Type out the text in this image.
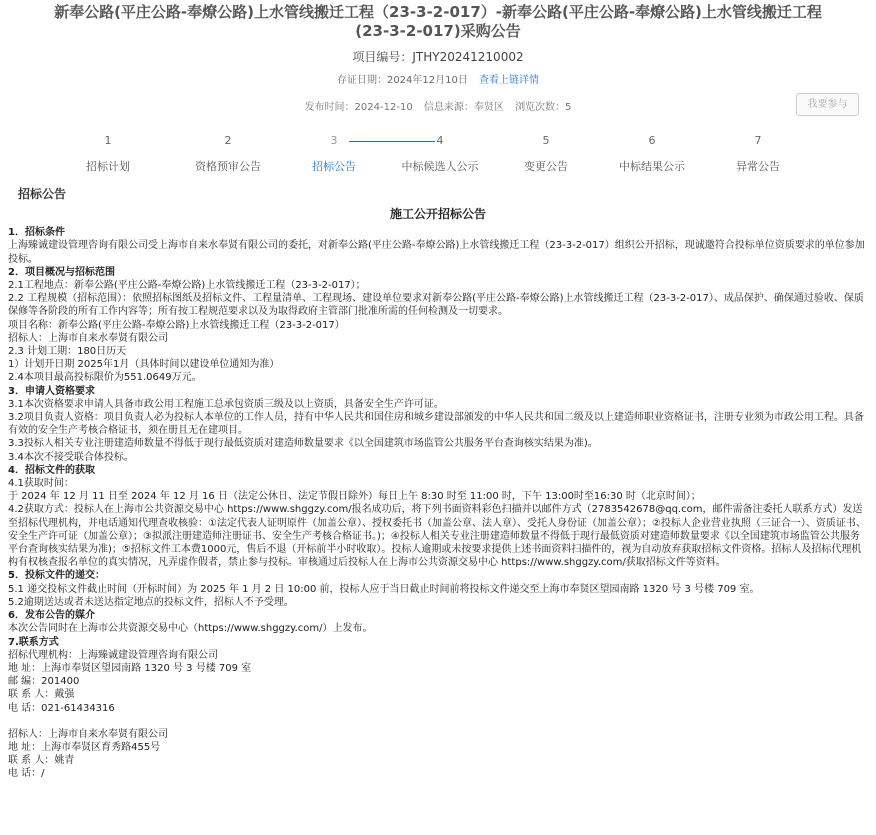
新奉公路(平庄公路-奉燎公路)上水管线搬迁工程（23-3-2-017）-新奉公路(平庄公路-奉燎公路)上水管线搬迁工程
(23-3-2-017)采购公告
项目编号：JTHY20241210002
存证日期：2024年12月10日 查看上链详情
发布时间：2024-12-10 信息来源：奉贤区 浏览次数：5	我要参与
1
招标计划
2
资格预审公告
3
招标公告
4
中标候选人公示
5
变更公告
6
中标结果公示
7
异常公告
招标公告
施工公开招标公告

1．招标条件

上海臻诚建设管理咨询有限公司受上海市自来水奉贤有限公司的委托，对新奉公路(平庄公路-奉燎公路)上水管线搬迁工程（23-3-2-017）组织公开招标，现诚邀符合投标单位资质要求的单位参加投标。

2．项目概况与招标范围

2.1工程地点：新奉公路(平庄公路-奉燎公路)上水管线搬迁工程（23-3-2-017）；

2.2 工程规模（招标范围）：依照招标图纸及招标文件、工程量清单、工程现场、建设单位要求对新奉公路(平庄公路-奉燎公路)上水管线搬迁工程（23-3-2-017）、成品保护、确保通过验收、保质保修等各阶段的所有工作内容等；所有按工程规范要求以及为取得政府主管部门批准所需的任何检测及一切要求。

项目名称：新奉公路(平庄公路-奉燎公路)上水管线搬迁工程（23-3-2-017）

招标人：上海市自来水奉贤有限公司

2.3 计划工期：180日历天

1）计划开日期 2025年1月（具体时间以建设单位通知为准）

2.4本项目最高投标限价为551.0649万元。

3．申请人资格要求

3.1本次资格要求申请人具备市政公用工程施工总承包资质三级及以上资质，具备安全生产许可证。

3.2项目负责人资格：项目负责人必为投标人本单位的工作人员，持有中华人民共和国住房和城乡建设部颁发的中华人民共和国二级及以上建造师职业资格证书，注册专业须为市政公用工程。具备有效的安全生产考核合格证书，须在册且无在建项目。

3.3投标人相关专业注册建造师数量不得低于现行最低资质对建造师数量要求《以全国建筑市场监管公共服务平台查询核实结果为准)。

3.4本次不接受联合体投标。

4．招标文件的获取

4.1获取时间：

于 2024 年 12 月 11 日至 2024 年 12 月 16 日（法定公休日、法定节假日除外）每日上午 8:30 时至 11:00 时，下午 13:00时至16:30 时（北京时间）；

4.2获取方式：投标人在上海市公共资源交易中心 https://www.shggzy.com/报名成功后，将下列书面资料彩色扫描并以邮件方式（2783542678@qq.com，邮件需备注委托人联系方式）发送至招标代理机构，并电话通知代理查收核验：①法定代表人证明原件（加盖公章）、授权委托书（加盖公章、法人章）、受托人身份证（加盖公章）；②投标人企业营业执照（三证合一）、资质证书、安全生产许可证（加盖公章）；③拟派注册建造师注册证书、安全生产考核合格证书。)；④投标人相关专业注册建造师数量不得低于现行最低资质对建造师数量要求《以全国建筑市场监管公共服务平台查询核实结果为准)；⑤招标文件工本费1000元，售后不退（开标前半小时收取）。投标人逾期或未按要求提供上述书面资料扫描件的，视为自动放弃获取招标文件资格。招标人及招标代理机构有权核查报名单位的真实情况，凡弄虚作假者，禁止参与投标。审核通过后投标人在上海市公共资源交易中心 https://www.shggzy.com/获取招标文件等资料。

5．投标文件的递交：

5.1 递交投标文件截止时间（开标时间）为 2025 年 1 月 2 日 10:00 前，投标人应于当日截止时间前将投标文件递交至上海市奉贤区望园南路 1320 号 3 号楼 709 室。

5.2逾期送达或者未送达指定地点的投标文件，招标人不予受理。

6．发布公告的媒介

本次公告同时在上海市公共资源交易中心（https://www.shggzy.com/）上发布。

7.联系方式

招标代理机构：上海臻诚建设管理咨询有限公司

地 址：上海市奉贤区望园南路 1320 号 3 号楼 709 室

邮 编：201400

联 系 人：戴强

电 话：021-61434316

招标人：上海市自来水奉贤有限公司

地 址：上海市奉贤区育秀路455号

联 系 人：姚青

电 话：/
